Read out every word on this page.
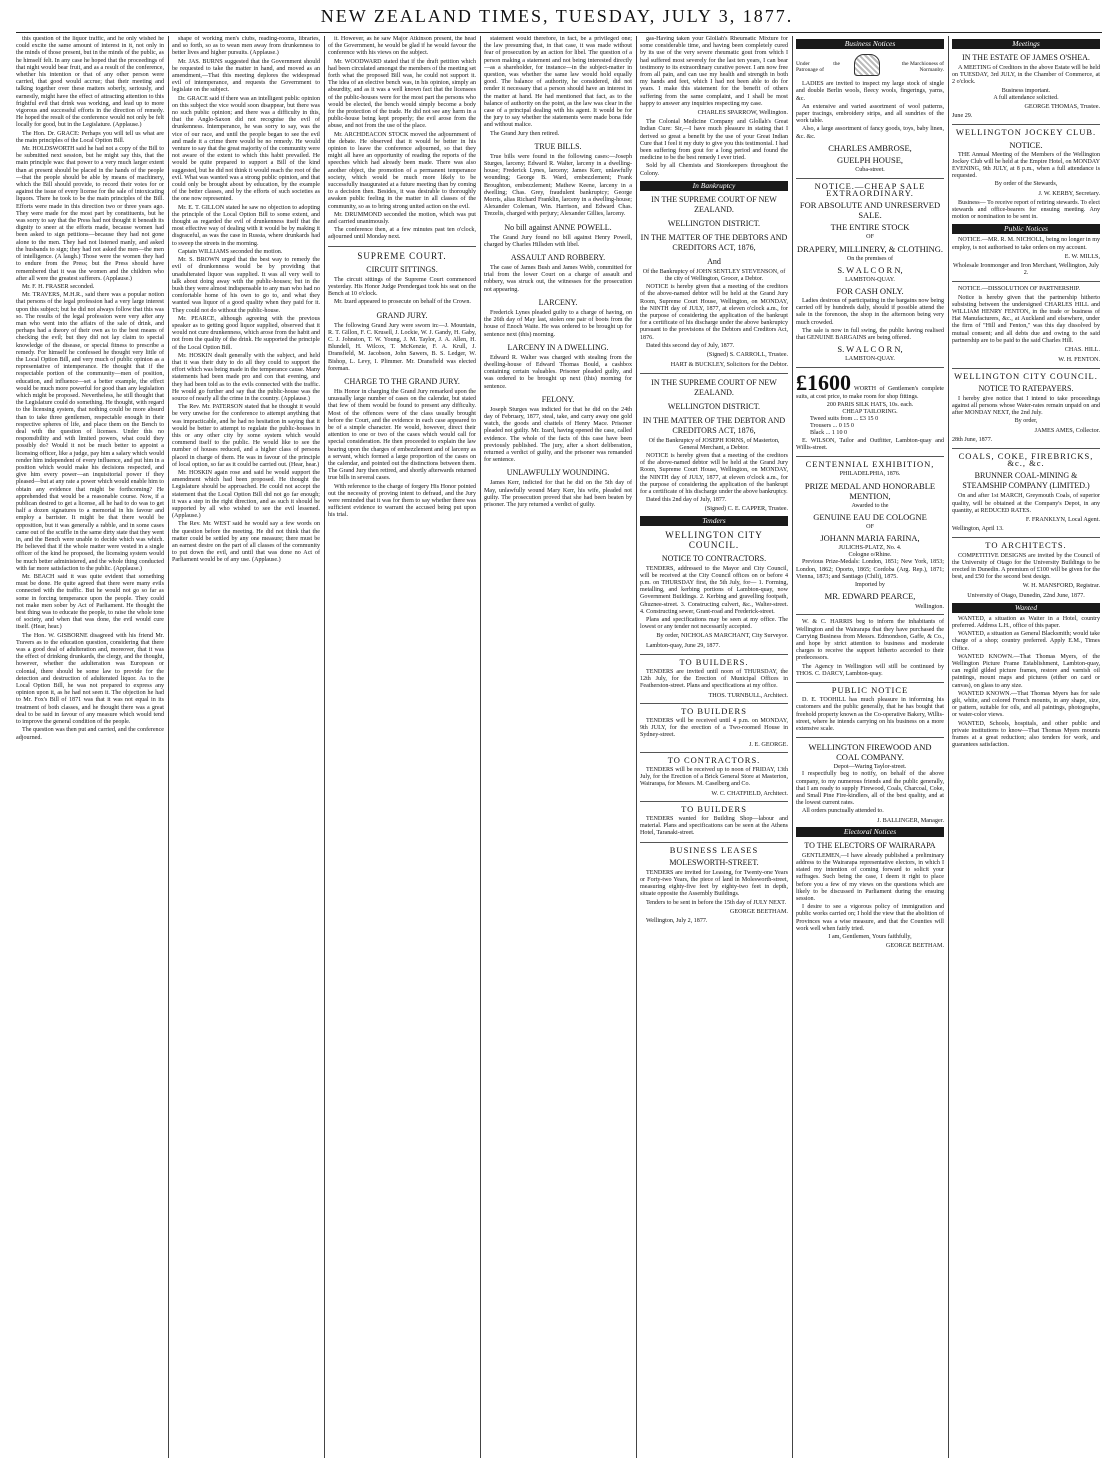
NEW ZEALAND TIMES, TUESDAY, JULY 3, 1877.

this question of the liquor traffic, and he only wished he could excite the same amount of interest in it, not only in the minds of those present, but in the minds of the public, as he himself felt. In any case he hoped that the proceedings of that night would bear fruit, and as a result of the conference, whether his intention or that of any other person were carried, that good would accrue; that their meeting and talking together over these matters soberly, seriously, and earnestly, might have the effect of attracting attention to this frightful evil that drink was working, and lead up to more vigorous and successful efforts in the direction of remedy. He hoped the result of the conference would not only be felt locally for good, but in the Legislature. (Applause.)

The Hon. Dr. GRACE: Perhaps you will tell us what are the main principles of the Local Option Bill.

Mr. HOLDSWORTH said he had not a copy of the Bill to be submitted next session, but he might say this, that the main principle was: that power to a very much larger extent than at present should be placed in the hands of the people—that the people should be able by means of machinery, which the Bill should provide, to record their votes for or against the issue of every license for the sale of intoxicating liquors. There he took to be the main principles of the Bill. Efforts were made in this direction two or three years ago. They were made for the most part by constituents, but he was sorry to say that the Press had not thought it beneath its dignity to sneer at the efforts made, because women had been asked to sign petitions—because they had not gone alone to the men. They had not listened manly, and asked the husbands to sign; they had not asked the men—the men of intelligence. (A laugh.) Those were the women they had to endure from the Press; but the Press should have remembered that it was the women and the children who after all were the greatest sufferers. (Applause.)

Mr. F. H. FRASER seconded.

Mr. TRAVERS, M.H.R., said there was a popular notion that persons of the legal profession had a very large interest upon this subject; but he did not always follow that this was so. The results of the legal profession were very after any man who went into the affairs of the sale of drink, and perhaps had a theory of their own as to the best means of checking the evil; but they did not lay claim to special knowledge of the disease, or special fitness to prescribe a remedy. For himself he confessed he thought very little of the Local Option Bill, and very much of public opinion as a representative of intemperance. He thought that if the respectable portion of the community—men of position, education, and influence—set a better example, the effect would be much more powerful for good than any legislation which might be proposed. Nevertheless, he still thought that the Legislature could do something. He thought, with regard to the licensing system, that nothing could be more absurd than to take three gentlemen, respectable enough in their respective spheres of life, and place them on the Bench to deal with the question of licenses. Under this no responsibility and with limited powers, what could they possibly do? Would it not be much better to appoint a licensing officer, like a judge, pay him a salary which would render him independent of every influence, and put him in a position which would make his decisions respected, and give him every power—an inquisitorial power if they pleased—but at any rate a power which would enable him to obtain any evidence that might be forthcoming? He apprehended that would be a reasonable course. Now, if a publican desired to get a license, all he had to do was to get half a dozen signatures to a memorial in his favour and employ a barrister. It might be that there would be opposition, but it was generally a rabble, and in some cases came out of the scuffle in the same dirty state that they went in, and the Bench were unable to decide which was which. He believed that if the whole matter were vested in a single officer of the kind he proposed, the licensing system would be much better administered, and the whole thing conducted with far more satisfaction to the public. (Applause.)

Mr. BEACH said it was quite evident that something must be done. He quite agreed that there were many evils connected with the traffic. But he would not go so far as some in forcing temperance upon the people. They could not make men sober by Act of Parliament. He thought the best thing was to educate the people, to raise the whole tone of society, and when that was done, the evil would cure itself. (Hear, hear.)

The Hon. W. GISBORNE disagreed with his friend Mr. Travers as to the education question, considering that there was a good deal of adulteration and, moreover, that it was the effect of drinking drunkards, the clergy, and the thought, however, whether the adulteration was European or colonial, there should be some law to provide for the detection and destruction of adulterated liquor. As to the Local Option Bill, he was not prepared to express any opinion upon it, as he had not seen it. The objection he had to Mr. Fox's Bill of 1871 was that it was not equal in its treatment of both classes, and he thought there was a great deal to be said in favour of any measure which would tend to improve the general condition of the people.

The question was then put and carried, and the conference adjourned.

shape of working men's clubs, reading-rooms, libraries, and so forth, so as to wean men away from drunkenness to better lives and higher pursuits. (Applause.)

Mr. JAS. BURNS suggested that the Government should be requested to take the matter in hand, and moved as an amendment,—That this meeting deplores the widespread evil of intemperance, and requests the Government to legislate on the subject.

Dr. GRACE said if there was an intelligent public opinion on this subject the vice would soon disappear, but there was no such public opinion; and there was a difficulty in this, that the Anglo-Saxon did not recognise the evil of drunkenness. Intemperance, he was sorry to say, was the vice of our race, and until the people began to see the evil and made it a crime there would be no remedy. He would venture to say that the great majority of the community were not aware of the extent to which this habit prevailed. He would be quite prepared to support a Bill of the kind suggested, but he did not think it would reach the root of the evil. What was wanted was a strong public opinion, and that could only be brought about by education, by the example of the better classes, and by the efforts of such societies as the one now represented.

Mr. E. T. GILLON stated he saw no objection to adopting the principle of the Local Option Bill to some extent, and thought as regarded the evil of drunkenness itself that the most effective way of dealing with it would be by making it disgraceful, as was the case in Russia, where drunkards had to sweep the streets in the morning.

Captain WILLIAMS seconded the motion.

Mr. S. BROWN urged that the best way to remedy the evil of drunkenness would be by providing that unadulterated liquor was supplied. It was all very well to talk about doing away with the public-houses; but in the bush they were almost indispensable to any man who had no comfortable home of his own to go to, and what they wanted was liquor of a good quality when they paid for it. They could not do without the public-house.

Mr. PEARCE, although agreeing with the previous speaker as to getting good liquor supplied, observed that it would not cure drunkenness, which arose from the habit and not from the quality of the drink. He supported the principle of the Local Option Bill.

Mr. HOSKIN dealt generally with the subject, and held that it was their duty to do all they could to support the effort which was being made in the temperance cause. Many statements had been made pro and con that evening, and they had been told as to the evils connected with the traffic. He would go further and say that the public-house was the source of nearly all the crime in the country. (Applause.)

The Rev. Mr. PATERSON stated that he thought it would be very unwise for the conference to attempt anything that was impracticable, and he had no hesitation in saying that it would be better to attempt to regulate the public-houses in this or any other city by some system which would commend itself to the public. He would like to see the number of houses reduced, and a higher class of persons placed in charge of them. He was in favour of the principle of local option, so far as it could be carried out. (Hear, hear.)

Mr. HOSKIN again rose and said he would support the amendment which had been proposed. He thought the Legislature should be approached. He could not accept the statement that the Local Option Bill did not go far enough; it was a step in the right direction, and as such it should be supported by all who wished to see the evil lessened. (Applause.)

The Rev. Mr. WEST said he would say a few words on the question before the meeting. He did not think that the matter could be settled by any one measure; there must be an earnest desire on the part of all classes of the community to put down the evil, and until that was done no Act of Parliament would be of any use. (Applause.)

it. However, as he saw Major Atkinson present, the head of the Government, he would be glad if he would favour the conference with his views on the subject.

Mr. WOODWARD stated that if the draft petition which had been circulated amongst the members of the meeting set forth what the proposed Bill was, he could not support it. The idea of an elective bench was, in his opinion, simply an absurdity, and as it was a well known fact that the licensees of the public-houses were for the most part the persons who would be elected, the bench would simply become a body for the protection of the trade. He did not see any harm in a public-house being kept properly; the evil arose from the abuse, and not from the use of the place.

Mr. ARCHDEACON STOCK moved the adjournment of the debate. He observed that it would be better in his opinion to leave the conference adjourned, so that they might all have an opportunity of reading the reports of the speeches which had already been made. There was also another object, the promotion of a permanent temperance society, which would be much more likely to be successfully inaugurated at a future meeting than by coming to a decision then. Besides, it was desirable to thoroughly awaken public feeling in the matter in all classes of the community, so as to bring strong united action on the evil.

Mr. DRUMMOND seconded the motion, which was put and carried unanimously.

The conference then, at a few minutes past ten o'clock, adjourned until Monday next.

SUPREME COURT.
CIRCUIT SITTINGS.

The circuit sittings of the Supreme Court commenced yesterday. His Honor Judge Prendergast took his seat on the Bench at 10 o'clock.

Mr. Izard appeared to prosecute on behalf of the Crown.

GRAND JURY.

The following Grand Jury were sworn in:—J. Mountain, R. T. Gillon, F. C. Krusell, J. Lockie, W. J. Gandy, H. Gaby, C. J. Johnston, T. W. Young, J. M. Taylor, J. A. Allen, H. Blundell, H. Wilcox, T. McKenzie, F. A. Krull, J. Dransfield, M. Jacobson, John Sawers, B. S. Ledger, W. Bishop, L. Levy, I. Plimmer. Mr. Dransfield was elected foreman.

CHARGE TO THE GRAND JURY.

His Honor in charging the Grand Jury remarked upon the unusually large number of cases on the calendar, but stated that few of them would be found to present any difficulty. Most of the offences were of the class usually brought before the Court, and the evidence in each case appeared to be of a simple character. He would, however, direct their attention to one or two of the cases which would call for special consideration. He then proceeded to explain the law bearing upon the charges of embezzlement and of larceny as a servant, which formed a large proportion of the cases on the calendar, and pointed out the distinctions between them. The Grand Jury then retired, and shortly afterwards returned true bills in several cases.

With reference to the charge of forgery His Honor pointed out the necessity of proving intent to defraud, and the Jury were reminded that it was for them to say whether there was sufficient evidence to warrant the accused being put upon his trial.

statement would therefore, in fact, be a privileged one; the law presuming that, in that case, it was made without fear of prosecution by an action for libel. The question of a person making a statement and not being interested directly—as a shareholder, for instance—in the subject-matter in question, was whether the same law would hold equally good. The balance of authority, he considered, did not render it necessary that a person should have an interest in the matter at hand. He had mentioned that fact, as to the balance of authority on the point, as the law was clear in the case of a principal dealing with his agent. It would be for the jury to say whether the statements were made bona fide and without malice.

The Grand Jury then retired.

TRUE BILLS.

True bills were found in the following cases:—Joseph Sturges, larceny; Edward R. Walter, larceny in a dwelling-house; Frederick Lynes, larceny; James Kerr, unlawfully wounding; George B. Ward, embezzlement; Frank Broughton, embezzlement; Mathew Keene, larceny in a dwelling; Chas. Grey, fraudulent bankruptcy; George Morris, alias Richard Franklin, larceny in a dwelling-house; Alexander Coleman, Win. Harrison, and Edward Chas. Trezelis, charged with perjury; Alexander Gillies, larceny.

No bill against ANNE POWELL.

The Grand Jury found no bill against Henry Powell, charged by Charles Hillsden with libel.

ASSAULT AND ROBBERY.

The case of James Bush and James Webb, committed for trial from the lower Court on a charge of assault and robbery, was struck out, the witnesses for the prosecution not appearing.

LARCENY.

Frederick Lynes pleaded guilty to a charge of having, on the 26th day of May last, stolen one pair of boots from the house of Enoch Waite. He was ordered to be brought up for sentence next (this) morning.

LARCENY IN A DWELLING.

Edward R. Walter was charged with stealing from the dwelling-house of Edward Thomas Bould, a cashbox containing certain valuables. Prisoner pleaded guilty, and was ordered to be brought up next (this) morning for sentence.

FELONY.

Joseph Sturges was indicted for that he did on the 24th day of February, 1877, steal, take, and carry away one gold watch, the goods and chattels of Henry Mace. Prisoner pleaded not guilty. Mr. Izard, having opened the case, called evidence. The whole of the facts of this case have been previously published. The jury, after a short deliberation, returned a verdict of guilty, and the prisoner was remanded for sentence.

UNLAWFULLY WOUNDING.

James Kerr, indicted for that he did on the 5th day of May, unlawfully wound Mary Kerr, his wife, pleaded not guilty. The prosecution proved that she had been beaten by prisoner. The jury returned a verdict of guilty.

gas-Having taken your Glollah's Rheumatic Mixture for some considerable time, and having been completely cured by its use of the very severe rheumatic gout from which I had suffered most severely for the last ten years, I can bear testimony to its extraordinary curative power. I am now free from all pain, and can use my health and strength in both my hands and feet, which I had not been able to do for years. I make this statement for the benefit of others suffering from the same complaint, and I shall be most happy to answer any inquiries respecting my case.

CHARLES SPARROW, Wellington.

The Colonial Medicine Company and Glollah's Great Indian Cure: Sir,—I have much pleasure in stating that I derived so great a benefit by the use of your Great Indian Cure that I feel it my duty to give you this testimonial. I had been suffering from gout for a long period and found the medicine to be the best remedy I ever tried.

Sold by all Chemists and Storekeepers throughout the Colony.

In Bankruptcy
IN THE SUPREME COURT OF NEW ZEALAND.
WELLINGTON DISTRICT.
IN THE MATTER OF THE DEBTORS AND CREDITORS ACT, 1876,
And

Of the Bankruptcy of JOHN SENTLEY STEVENSON, of the city of Wellington, Grocer, a Debtor.

NOTICE is hereby given that a meeting of the creditors of the above-named debtor will be held at the Grand Jury Room, Supreme Court House, Wellington, on MONDAY, the NINTH day of JULY, 1877, at eleven o'clock a.m., for the purpose of considering the application of the bankrupt for a certificate of his discharge under the above bankruptcy pursuant to the provisions of the Debtors and Creditors Act, 1876.

Dated this second day of July, 1877.

(Signed) S. CARROLL, Trustee.
HART & BUCKLEY, Solicitors for the Debtor.
IN THE SUPREME COURT OF NEW ZEALAND.
WELLINGTON DISTRICT.
IN THE MATTER OF THE DEBTOR AND CREDITORS ACT, 1876,

Of the Bankruptcy of JOSEPH IORNS, of Masterton, General Merchant, a Debtor.

NOTICE is hereby given that a meeting of the creditors of the above-named debtor will be held at the Grand Jury Room, Supreme Court House, Wellington, on MONDAY, the NINTH day of JULY, 1877, at eleven o'clock a.m., for the purpose of considering the application of the bankrupt for a certificate of his discharge under the above bankruptcy.

Dated this 2nd day of July, 1877.

(Signed) C. E. CAPPER, Trustee.
Tenders
WELLINGTON CITY COUNCIL.
NOTICE TO CONTRACTORS.

TENDERS, addressed to the Mayor and City Council, will be received at the City Council offices on or before 4 p.m. on THURSDAY first, the 5th July, for— 1. Forming, metalling, and kerbing portions of Lambton-quay, now Government Buildings. 2. Kerbing and gravelling footpath, Ghuznee-street. 3. Constructing culvert, &c., Walter-street. 4. Constructing sewer, Grant-road and Frederick-street.

Plans and specifications may be seen at my office. The lowest or any tender not necessarily accepted.

By order, NICHOLAS MARCHANT, City Surveyor.

Lambton-quay, June 29, 1877.

TO BUILDERS.

TENDERS are invited until noon of THURSDAY, the 12th July, for the Erection of Municipal Offices in Featherston-street. Plans and specifications at my office.

THOS. TURNBULL, Architect.
TO BUILDERS

TENDERS will be received until 4 p.m. on MONDAY, 9th JULY, for the erection of a Two-roomed House in Sydney-street.

J. E. GEORGE.
TO CONTRACTORS.

TENDERS will be received up to noon of FRIDAY, 13th July, for the Erection of a Brick General Store at Masterton, Wairarapa, for Messrs. M. Caselberg and Co.

W. C. CHATFIELD, Architect.
TO BUILDERS

TENDERS wanted for Building Shop—labour and material. Plans and specifications can be seen at the Athens Hotel, Taranaki-street.

BUSINESS LEASES
MOLESWORTH-STREET.

TENDERS are invited for Leasing, for Twenty-one Years or Forty-two Years, the piece of land in Molesworth-street, measuring eighty-five feet by eighty-two feet in depth, situate opposite the Assembly Buildings.

Tenders to be sent in before the 15th day of JULY NEXT.

GEORGE BEETHAM.

Wellington, July 2, 1877.

Business Notices
Under the Patronage of
the Marchioness of Normanby.

LADIES are invited to inspect my large stock of single and double Berlin wools, fleecy wools, fingerings, yarns, &c.

An extensive and varied assortment of wool patterns, paper tracings, embroidery strips, and all sundries of the work table.

Also, a large assortment of fancy goods, toys, baby linen, &c. &c.

CHARLES AMBROSE,
GUELPH HOUSE,
Cuba-street.
NOTICE.—CHEAP SALE EXTRAORDINARY.
FOR ABSOLUTE AND UNRESERVED SALE.
THE ENTIRE STOCK
OF
DRAPERY, MILLINERY, & CLOTHING.
On the premises of
S. W A L C O R N,
LAMBTON-QUAY.
FOR CASH ONLY.

Ladies desirous of participating in the bargains now being carried off by hundreds daily, should if possible attend the sale in the forenoon, the shop in the afternoon being very much crowded.

The sale is now in full swing, the public having realised that GENUINE BARGAINS are being offered.

S. W A L C O R N,
LAMBTON-QUAY.
£1600 WORTH of Gentlemen's complete suits, at cost price, to make room for shop fittings.
200 PARIS SILK HATS, 10s. each.
CHEAP TAILORING.
Tweed suits from ... £3 15 0
Trousers ... 0 15 0
Black ... 1 10 0

E. WILSON, Tailor and Outfitter, Lambton-quay and Willis-street.

CENTENNIAL EXHIBITION,
PHILADELPHIA, 1876.
PRIZE MEDAL AND HONORABLE MENTION,
Awarded to the
GENUINE EAU DE COLOGNE
OF
JOHANN MARIA FARINA,
JULICHS-PLATZ, No. 4.
Cologne o/Rhine.

Previous Prize-Medals: London, 1851; New York, 1853; London, 1862; Oporto, 1865; Cordoba (Arg. Rep.), 1871; Vienna, 1873; and Santiago (Chili), 1875.

Imported by
MR. EDWARD PEARCE,
Wellington.

W. & C. HARRIS beg to inform the inhabitants of Wellington and the Wairarapa that they have purchased the Carrying Business from Messrs. Edmondson, Gaffe, & Co., and hope by strict attention to business and moderate charges to receive the support hitherto accorded to their predecessors.

The Agency in Wellington will still be continued by THOS. C. DARCY, Lambton-quay.

PUBLIC NOTICE

D. E. TOOHILL has much pleasure in informing his customers and the public generally, that he has bought that freehold property known as the Co-operative Bakery, Willis-street, where he intends carrying on his business on a more extensive scale.

WELLINGTON FIREWOOD AND COAL COMPANY.
Depot—Waring Taylor-street.

I respectfully beg to notify, on behalf of the above company, to my numerous friends and the public generally, that I am ready to supply Firewood, Coals, Charcoal, Coke, and Small Pine Fire-kindlers, all of the best quality, and at the lowest current rates.

All orders punctually attended to.

J. BALLINGER, Manager.
Electoral Notices
TO THE ELECTORS OF WAIRARAPA

GENTLEMEN,—I have already published a preliminary address to the Wairarapa representative electors, in which I stated my intention of coming forward to solicit your suffrages. Such being the case, I deem it right to place before you a few of my views on the questions which are likely to be discussed in Parliament during the ensuing session.

I desire to see a vigorous policy of immigration and public works carried on; I hold the view that the abolition of Provinces was a wise measure, and that the Counties will work well when fairly tried.

I am, Gentlemen, Yours faithfully,
GEORGE BEETHAM.
Meetings
IN THE ESTATE OF JAMES O'SHEA.

A MEETING of Creditors in the above Estate will be held on TUESDAY, 3rd JULY, in the Chamber of Commerce, at 2 o'clock.

Business important.
A full attendance solicited.
GEORGE THOMAS, Trustee.
June 29.
WELLINGTON JOCKEY CLUB.
NOTICE.

THE Annual Meeting of the Members of the Wellington Jockey Club will be held at the Empire Hotel, on MONDAY EVENING, 9th JULY, at 8 p.m., when a full attendance is requested.

By order of the Stewards,
J. W. KERBY, Secretary.

Business— To receive report of retiring stewards. To elect stewards and office-bearers for ensuing meeting. Any motion or nomination to be sent in.

Public Notices

NOTICE.—MR. R. M. NICHOLL, being no longer in my employ, is not authorised to take orders on my account.

E. W. MILLS,
Wholesale Ironmonger and Iron Merchant, Wellington, July 2.

NOTICE.—DISSOLUTION OF PARTNERSHIP.

Notice is hereby given that the partnership hitherto subsisting between the undersigned CHARLES HILL and WILLIAM HENRY FENTON, in the trade or business of Hat Manufacturers, &c., at Auckland and elsewhere, under the firm of "Hill and Fenton," was this day dissolved by mutual consent; and all debts due and owing to the said partnership are to be paid to the said Charles Hill.

CHAS. HILL.
W. H. FENTON.
WELLINGTON CITY COUNCIL.
NOTICE TO RATEPAYERS.

I hereby give notice that I intend to take proceedings against all persons whose Water-rates remain unpaid on and after MONDAY NEXT, the 2nd July.

By order,
JAMES AMES, Collector.
28th June, 1877.
COALS, COKE, FIREBRICKS, &c., &c.
BRUNNER COAL-MINING & STEAMSHIP COMPANY (LIMITED.)

On and after 1st MARCH, Greymouth Coals, of superior quality, will be obtained at the Company's Depot, in any quantity, at REDUCED RATES.

F. FRANKLYN, Local Agent.
Wellington, April 13.
TO ARCHITECTS.

COMPETITIVE DESIGNS are invited by the Council of the University of Otago for the University Buildings to be erected in Dunedin. A premium of £100 will be given for the best, and £50 for the second best design.

W. H. MANSFORD, Registrar.
University of Otago, Dunedin, 22nd June, 1877.
Wanted

WANTED, a situation as Waiter in a Hotel, country preferred. Address L.H., office of this paper.

WANTED, a situation as General Blacksmith; would take charge of a shop; country preferred. Apply E.M., Times Office.

WANTED KNOWN.—That Thomas Myers, of the Wellington Picture Frame Establishment, Lambton-quay, can regild gilded picture frames, restore and varnish oil paintings, mount maps and pictures (either on card or canvas), on glass to any size.

WANTED KNOWN.—That Thomas Myers has for sale gilt, white, and colored French mounts, in any shape, size, or pattern, suitable for oils, and all paintings, photographs, or water-color views.

WANTED, Schools, hospitals, and other public and private institutions to know—That Thomas Myers mounts frames at a great reduction; also tenders for work, and guarantees satisfaction.
